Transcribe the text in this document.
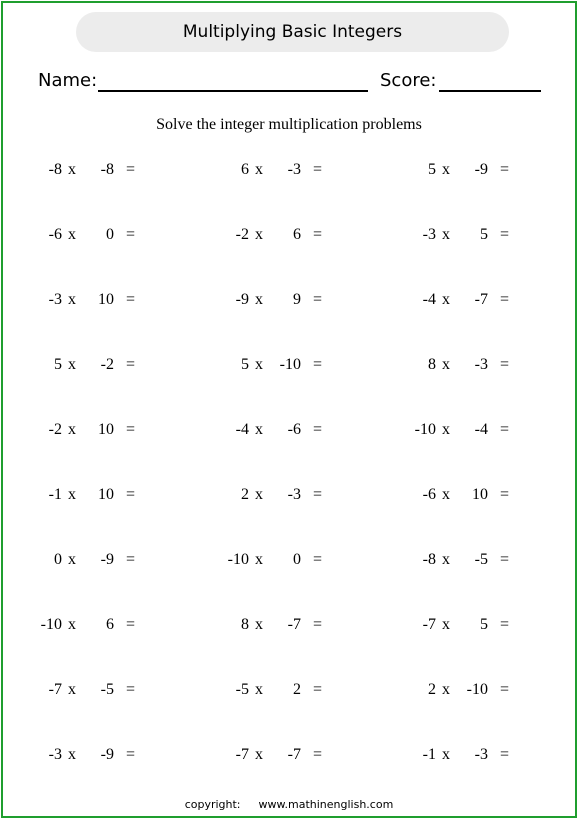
Multiplying Basic Integers
Name:	Score:
Solve the integer multiplication problems
-8 x	-8 =	6 x	-3 =	5 x	-9 =
-6 x	0 =	-2 x	6 =	-3 x	5 =
-3 x	10 =	-9 x	9 =	-4 x	-7 =
5 x	-2 =	5 x	-10 =	8 x	-3 =
-2 x	10 =	-4 x	-6 =	-10 x	-4 =
-1 x	10 =	2 x	-3 =	-6 x	10 =
0 x	-9 =	-10 x	0 =	-8 x	-5 =
-10 x	6 =	8 x	-7 =	-7 x	5 =
-7 x	-5 =	-5 x	2 =	2 x	-10 =
-3 x	-9 =	-7 x	-7 =	-1 x	-3 =
copyright: www.mathinenglish.com
